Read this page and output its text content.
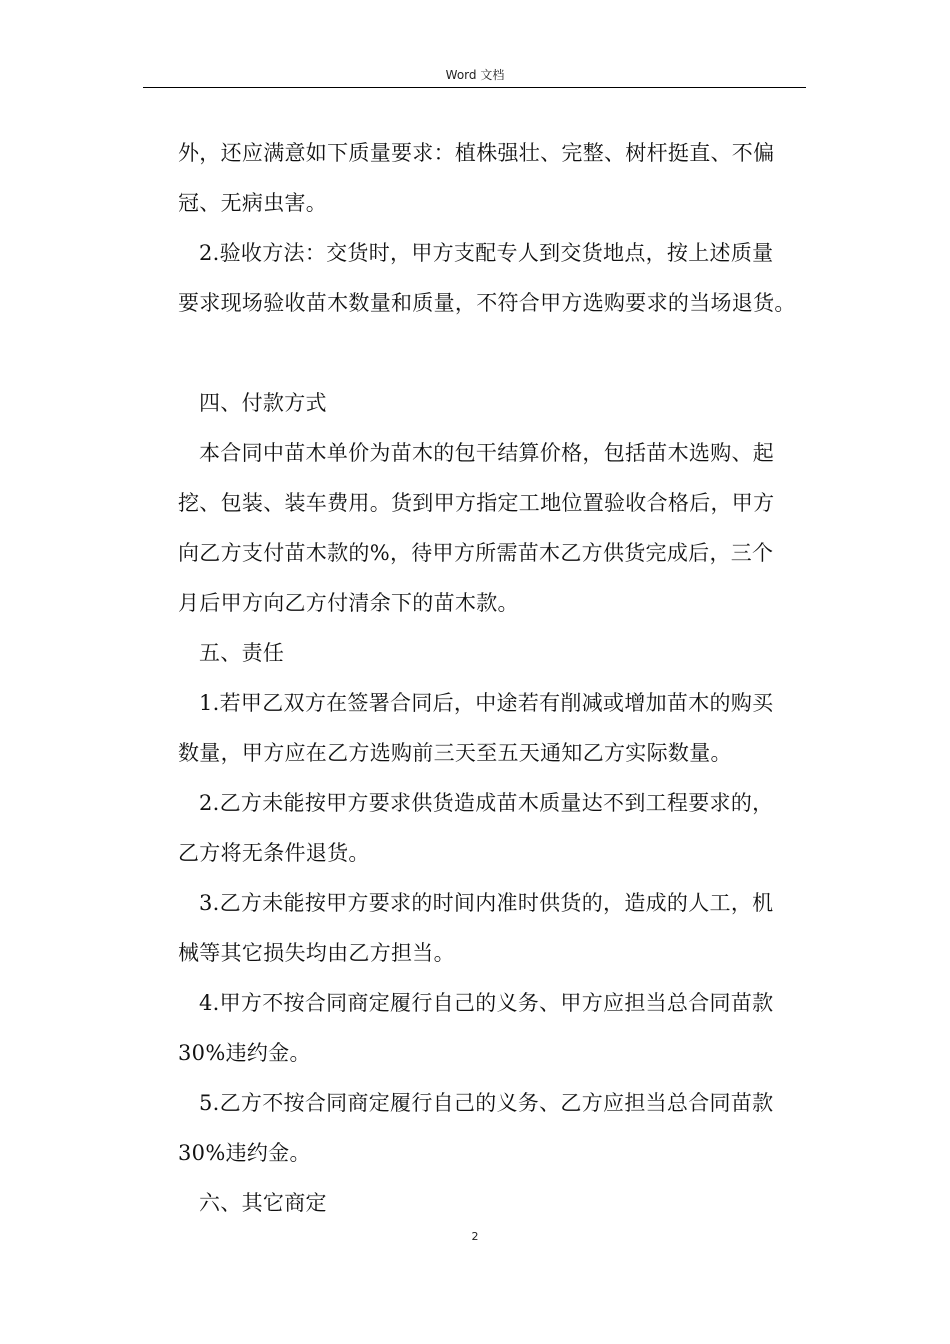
Word 文档

外，还应满意如下质量要求：植株强壮、完整、树杆挺直、不偏

冠、无病虫害。

2.验收方法：交货时，甲方支配专人到交货地点，按上述质量

要求现场验收苗木数量和质量，不符合甲方选购要求的当场退货。

四、付款方式

本合同中苗木单价为苗木的包干结算价格，包括苗木选购、起

挖、包装、装车费用。货到甲方指定工地位置验收合格后，甲方

向乙方支付苗木款的%，待甲方所需苗木乙方供货完成后，三个

月后甲方向乙方付清余下的苗木款。

五、责任

1.若甲乙双方在签署合同后，中途若有削减或增加苗木的购买

数量，甲方应在乙方选购前三天至五天通知乙方实际数量。

2.乙方未能按甲方要求供货造成苗木质量达不到工程要求的，

乙方将无条件退货。

3.乙方未能按甲方要求的时间内准时供货的，造成的人工，机

械等其它损失均由乙方担当。

4.甲方不按合同商定履行自己的义务、甲方应担当总合同苗款

30%违约金。

5.乙方不按合同商定履行自己的义务、乙方应担当总合同苗款

30%违约金。

六、其它商定

2
